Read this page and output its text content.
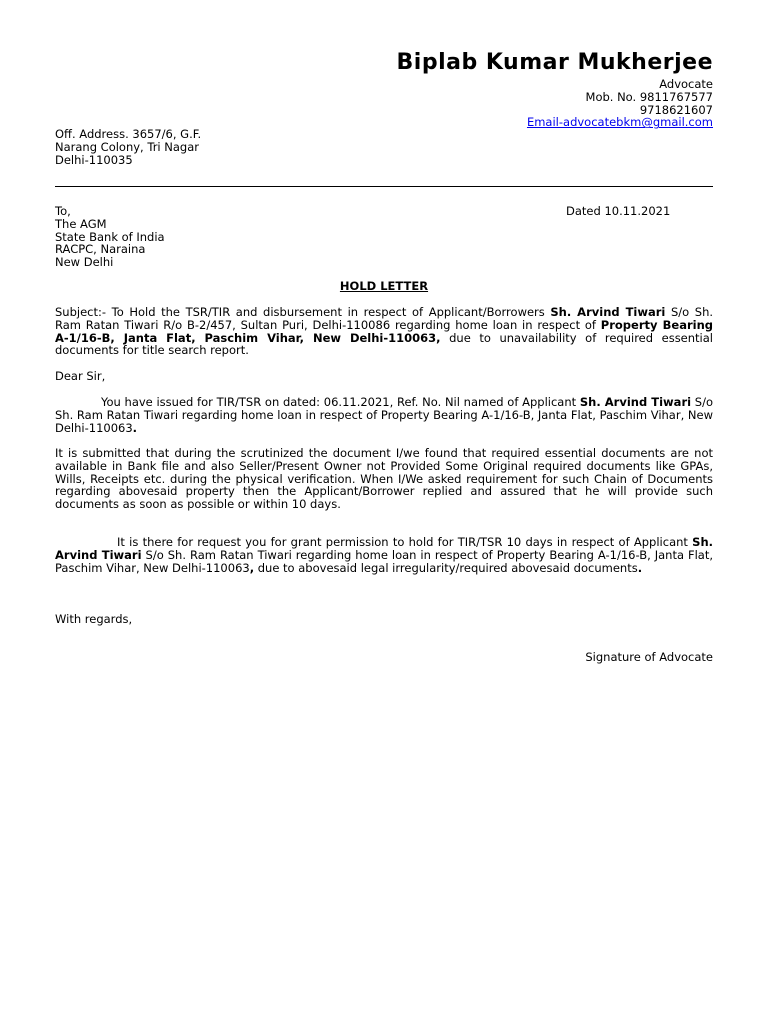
Biplab Kumar Mukherjee
Advocate
Mob. No. 9811767577
9718621607
Email-advocatebkm@gmail.com
Off. Address. 3657/6, G.F.
Narang Colony, Tri Nagar
Delhi-110035
To,
The AGM
State Bank of India
RACPC, Naraina
New Delhi
Dated 10.11.2021
HOLD LETTER
Subject:- To Hold the TSR/TIR and disbursement in respect of Applicant/Borrowers Sh. Arvind Tiwari S/o Sh. Ram Ratan Tiwari R/o B-2/457, Sultan Puri, Delhi-110086 regarding home loan in respect of Property Bearing A-1/16-B, Janta Flat, Paschim Vihar, New Delhi-110063, due to unavailability of required essential documents for title search report.
Dear Sir,
You have issued for TIR/TSR on dated: 06.11.2021, Ref. No. Nil named of Applicant Sh. Arvind Tiwari S/o Sh. Ram Ratan Tiwari regarding home loan in respect of Property Bearing A-1/16-B, Janta Flat, Paschim Vihar, New Delhi-110063.
It is submitted that during the scrutinized the document I/we found that required essential documents are not available in Bank file and also Seller/Present Owner not Provided Some Original required documents like GPAs, Wills, Receipts etc. during the physical verification. When I/We asked requirement for such Chain of Documents regarding abovesaid property then the Applicant/Borrower replied and assured that he will provide such documents as soon as possible or within 10 days.
It is there for request you for grant permission to hold for TIR/TSR 10 days in respect of Applicant Sh. Arvind Tiwari S/o Sh. Ram Ratan Tiwari regarding home loan in respect of Property Bearing A-1/16-B, Janta Flat, Paschim Vihar, New Delhi-110063, due to abovesaid legal irregularity/required abovesaid documents.
With regards,
Signature of Advocate
